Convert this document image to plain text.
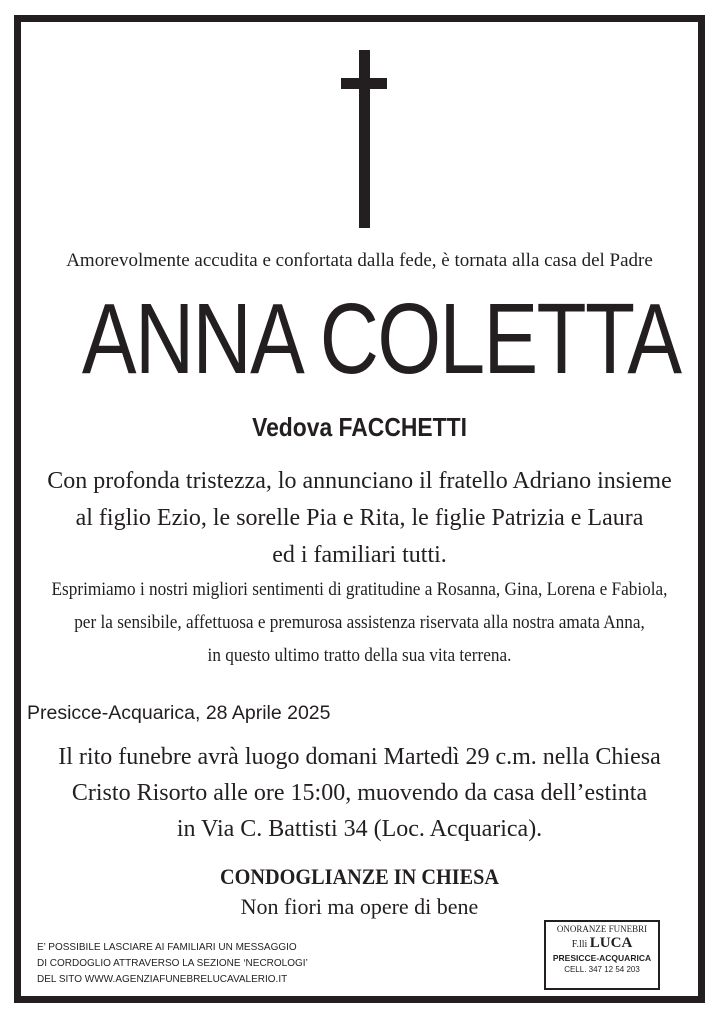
Amorevolmente accudita e confortata dalla fede, è tornata alla casa del Padre
ANNA COLETTA
Vedova FACCHETTI
Con profonda tristezza, lo annunciano il fratello Adriano insieme
al figlio Ezio, le sorelle Pia e Rita, le figlie Patrizia e Laura
ed i familiari tutti.
Esprimiamo i nostri migliori sentimenti di gratitudine a Rosanna, Gina, Lorena e Fabiola,
per la sensibile, affettuosa e premurosa assistenza riservata alla nostra amata Anna,
in questo ultimo tratto della sua vita terrena.
Presicce-Acquarica, 28 Aprile 2025
Il rito funebre avrà luogo domani Martedì 29 c.m. nella Chiesa
Cristo Risorto alle ore 15:00, muovendo da casa dell’estinta
in Via C. Battisti 34 (Loc. Acquarica).
CONDOGLIANZE IN CHIESA
Non fiori ma opere di bene
E’ POSSIBILE LASCIARE AI FAMILIARI UN MESSAGGIO
DI CORDOGLIO ATTRAVERSO LA SEZIONE ‘NECROLOGI’
DEL SITO WWW.AGENZIAFUNEBRELUCAVALERIO.IT
ONORANZE FUNEBRI
F.lli LUCA
PRESICCE-ACQUARICA
CELL. 347 12 54 203
